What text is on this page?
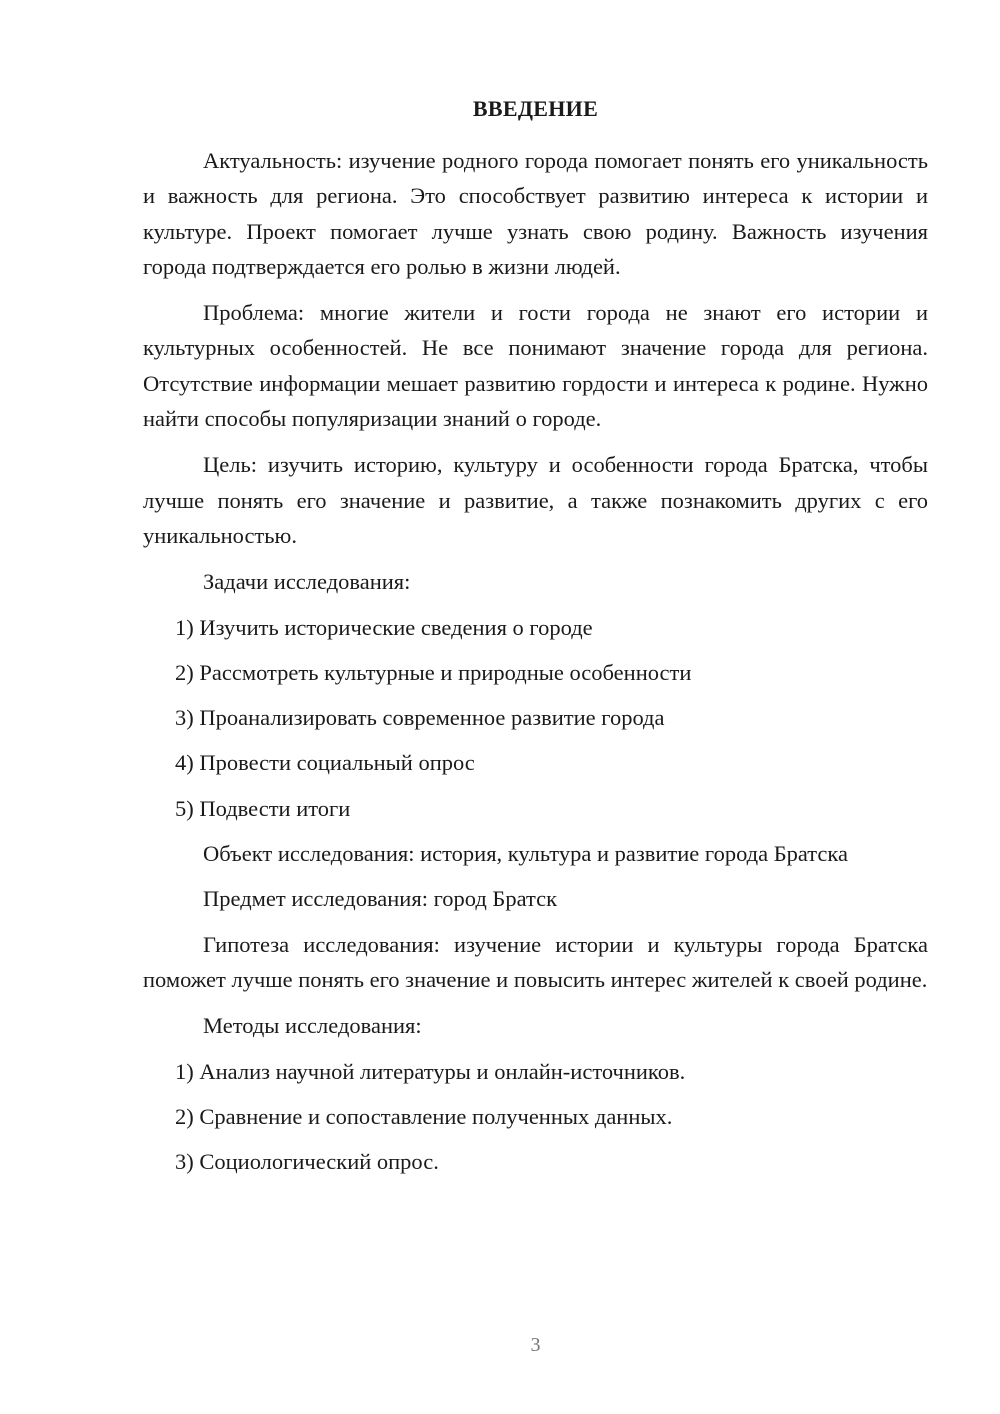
ВВЕДЕНИЕ

Актуальность: изучение родного города помогает понять его уникальность и важность для региона. Это способствует развитию интереса к истории и культуре. Проект помогает лучше узнать свою родину. Важность изучения города подтверждается его ролью в жизни людей.

Проблема: многие жители и гости города не знают его истории и культурных особенностей. Не все понимают значение города для региона. Отсутствие информации мешает развитию гордости и интереса к родине. Нужно найти способы популяризации знаний о городе.

Цель: изучить историю, культуру и особенности города Братска, чтобы лучше понять его значение и развитие, а также познакомить других с его уникальностью.

Задачи исследования:

1) Изучить исторические сведения о городе
2) Рассмотреть культурные и природные особенности
3) Проанализировать современное развитие города
4) Провести социальный опрос
5) Подвести итоги

Объект исследования: история, культура и развитие города Братска

Предмет исследования: город Братск

Гипотеза исследования: изучение истории и культуры города Братска поможет лучше понять его значение и повысить интерес жителей к своей родине.

Методы исследования:

1) Анализ научной литературы и онлайн-источников.
2) Сравнение и сопоставление полученных данных.
3) Социологический опрос.
3
